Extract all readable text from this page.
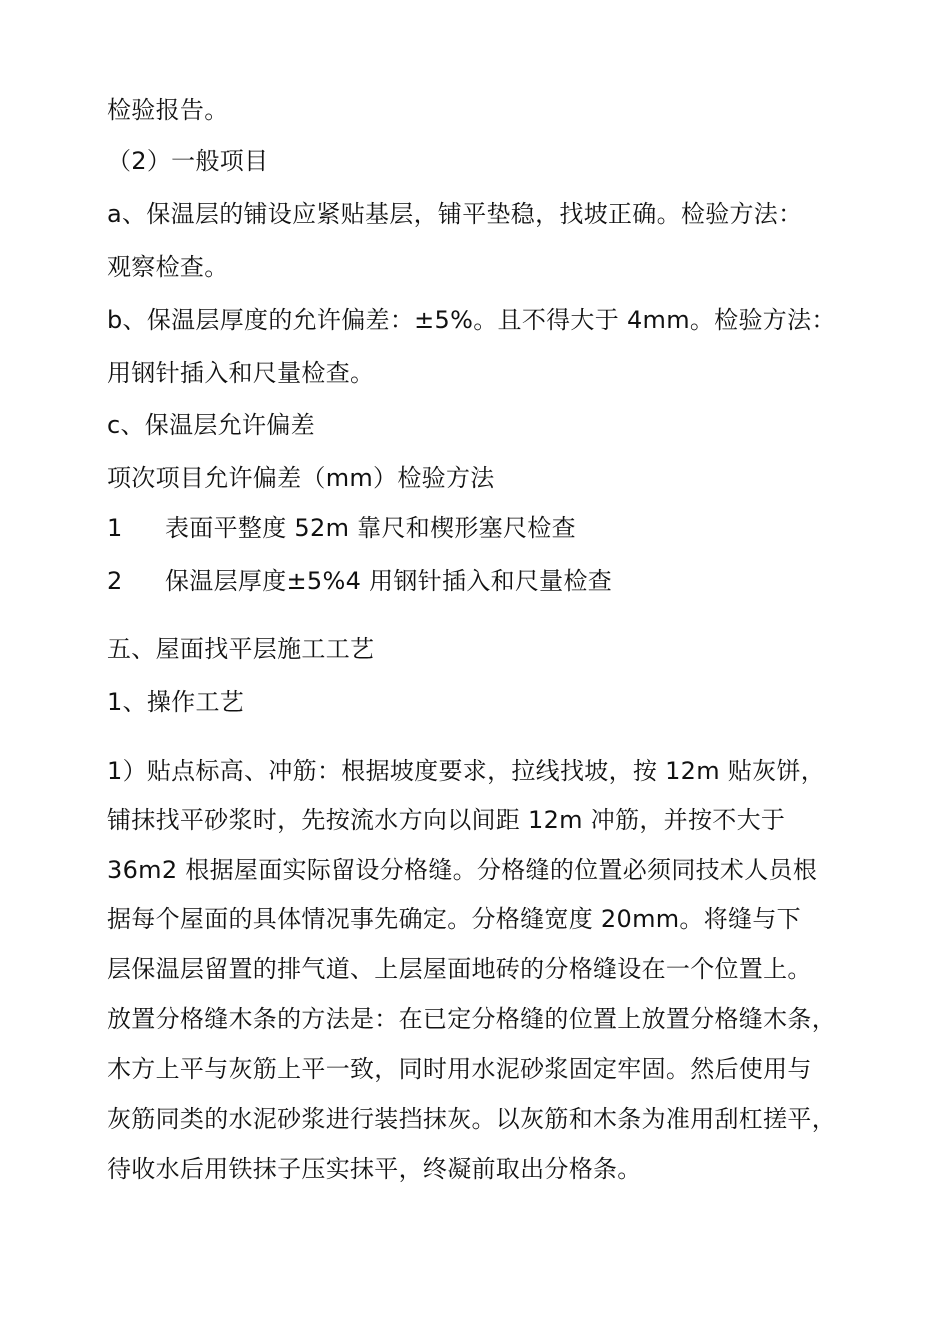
检验报告。
（2）一般项目
a、保温层的铺设应紧贴基层，铺平垫稳，找坡正确。检验方法：
观察检查。
b、保温层厚度的允许偏差：±5%。且不得大于 4mm。检验方法：
用钢针插入和尺量检查。
c、保温层允许偏差
项次项目允许偏差（mm）检验方法
1 表面平整度 52m 靠尺和楔形塞尺检查
2 保温层厚度±5%4 用钢针插入和尺量检查
五、屋面找平层施工工艺
1、操作工艺
1）贴点标高、冲筋：根据坡度要求，拉线找坡，按 12m 贴灰饼，
铺抹找平砂浆时，先按流水方向以间距 12m 冲筋，并按不大于
36m2 根据屋面实际留设分格缝。分格缝的位置必须同技术人员根
据每个屋面的具体情况事先确定。分格缝宽度 20mm。将缝与下
层保温层留置的排气道、上层屋面地砖的分格缝设在一个位置上。
放置分格缝木条的方法是：在已定分格缝的位置上放置分格缝木条，
木方上平与灰筋上平一致，同时用水泥砂浆固定牢固。然后使用与
灰筋同类的水泥砂浆进行装挡抹灰。以灰筋和木条为准用刮杠搓平，
待收水后用铁抹子压实抹平，终凝前取出分格条。
